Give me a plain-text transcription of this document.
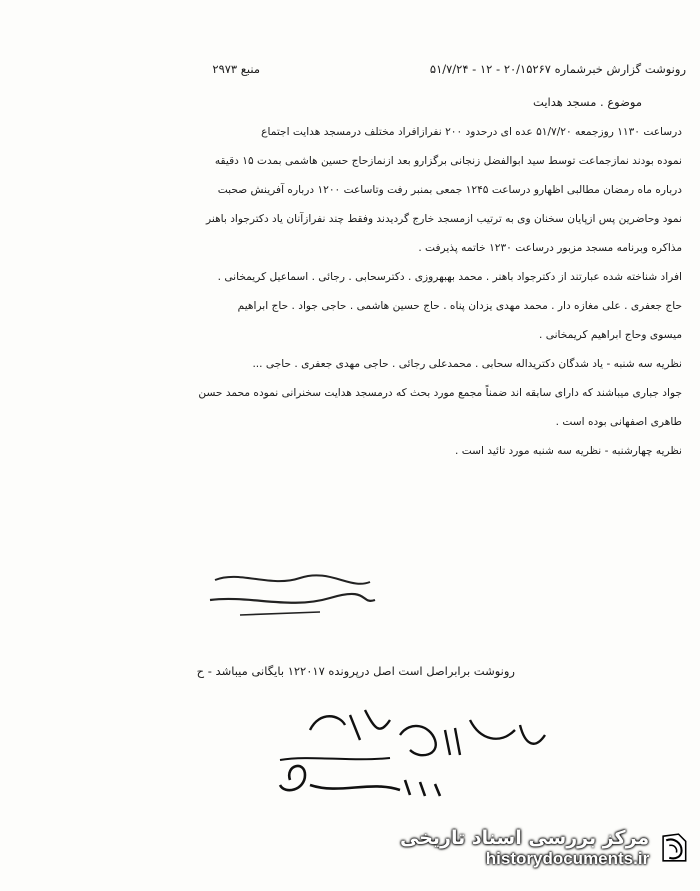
رونوشت گزارش خبرشماره ۲۰/۱۵۲۶۷ - ۱۲ - ۵۱/۷/۲۴
منبع ۲۹۷۳
موضوع . مسجد هدایت
درساعت ۱۱۳۰ روزجمعه ۵۱/۷/۲۰ عده ای درحدود ۲۰۰ نفرازافراد مختلف درمسجد هدایت اجتماع
نموده بودند نمازجماعت توسط سید ابوالفضل زنجانی برگزارو بعد ازنمازحاج حسین هاشمی بمدت ۱۵ دقیقه
درباره ماه رمضان مطالبی اظهارو درساعت ۱۲۴۵ جمعی بمنبر رفت وتاساعت ۱۲۰۰ درباره آفرینش صحبت
نمود وحاضرین پس ازپایان سخنان وی به ترتیب ازمسجد خارج گردیدند وفقط چند نفرازآنان یاد دکترجواد باهنر
مذاکره وبرنامه مسجد مزبور درساعت ۱۲۳۰ خاتمه پذیرفت .
افراد شناخته شده عبارتند از دکترجواد باهنر . محمد بهبهروزی . دکترسحابی . رجائی . اسماعیل کریمخانی .
حاج جعفری . علی مغازه دار . محمد مهدی یزدان پناه . حاج حسین هاشمی . حاجی جواد . حاج ابراهیم
میسوی وحاج ابراهیم کریمخانی .
نظریه سه شنبه - یاد شدگان دکتریداله سحابی . محمدعلی رجائی . حاجی مهدی جعفری . حاجی ...
جواد جباری میباشند که دارای سابقه اند ضمناً مجمع مورد بحث که درمسجد هدایت سخنرانی نموده محمد حسن
طاهری اصفهانی بوده است .
نظریه چهارشنبه - نظریه سه شنبه مورد تائید است .
رونوشت برابراصل است اصل درپرونده ۱۲۲۰۱۷ بایگانی میباشد - ح
مرکز بررسی اسناد تاریخی
historydocuments.ir
